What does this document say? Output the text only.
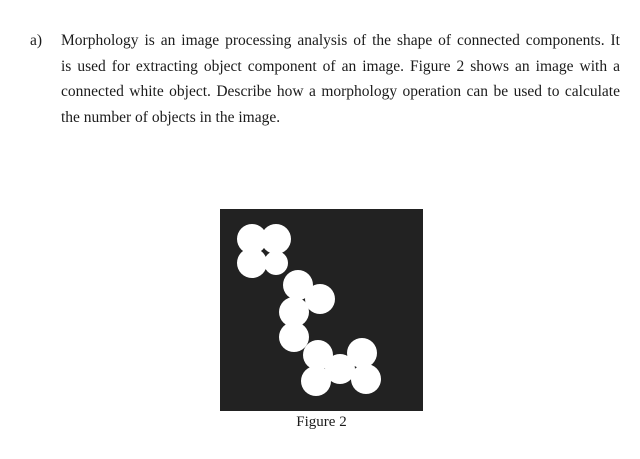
a) Morphology is an image processing analysis of the shape of connected components. It
is used for extracting object component of an image. Figure 2 shows an image with a
connected white object. Describe how a morphology operation can be used to calculate
the number of objects in the image.
Figure 2
